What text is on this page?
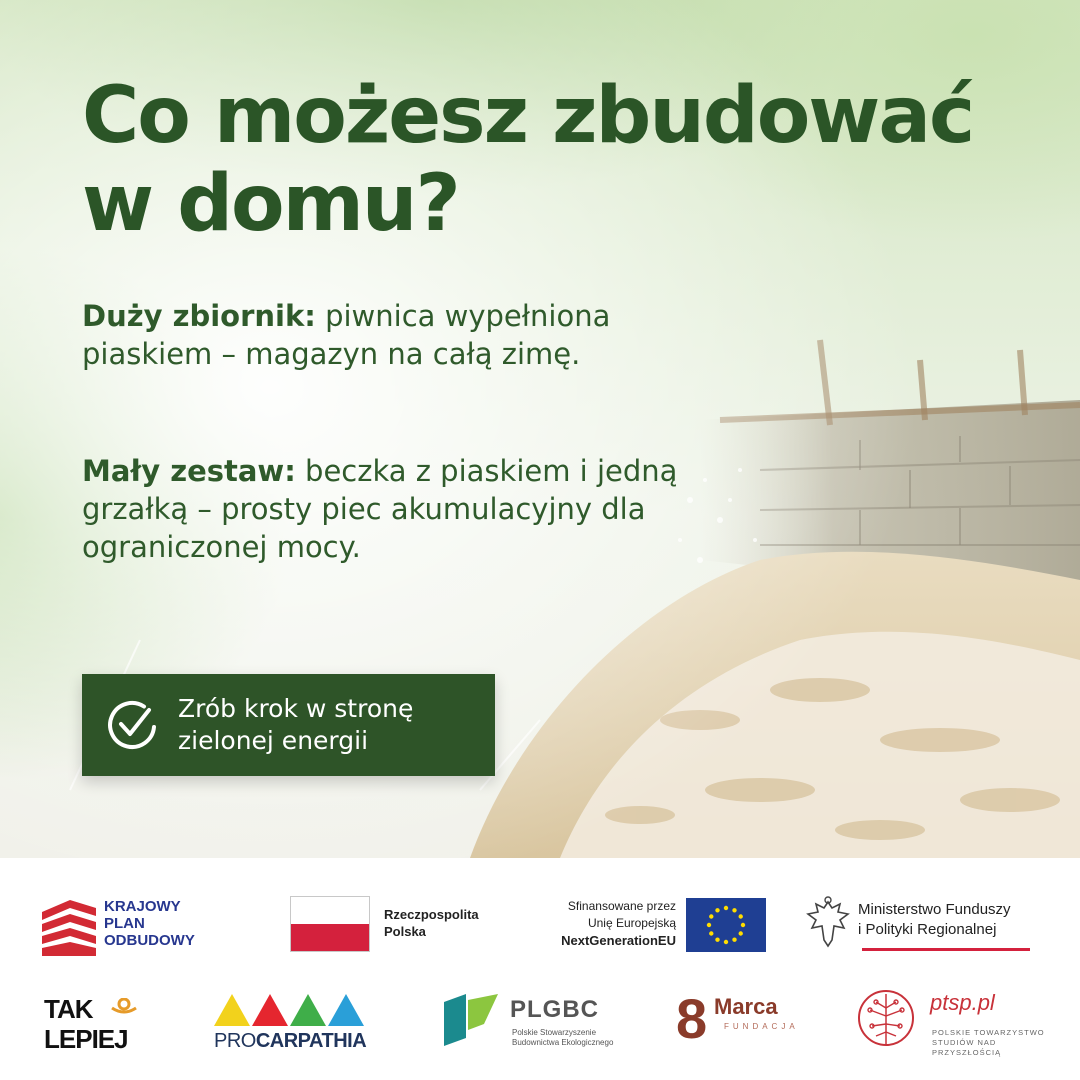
Co możesz zbudować
w domu?

Duży zbiornik: piwnica wypełniona piaskiem – magazyn na całą zimę.

Mały zestaw: beczka z piaskiem i jedną grzałką – prosty piec akumulacyjny dla ograniczonej mocy.

Zrób krok w stronę
zielonej energii
KRAJOWY
PLAN
ODBUDOWY
Rzeczpospolita
Polska
Sfinansowane przez
Unię Europejską
NextGenerationEU
Ministerstwo Funduszy
i Polityki Regionalnej
TAK
LEPIEJ	PROCARPATHIA
PLGBC
Polskie Stowarzyszenie
Budownictwa Ekologicznego 8 Marca
FUNDACJA
ptsp.pl
POLSKIE TOWARZYSTWO
STUDIÓW NAD PRZYSZŁOŚCIĄ
